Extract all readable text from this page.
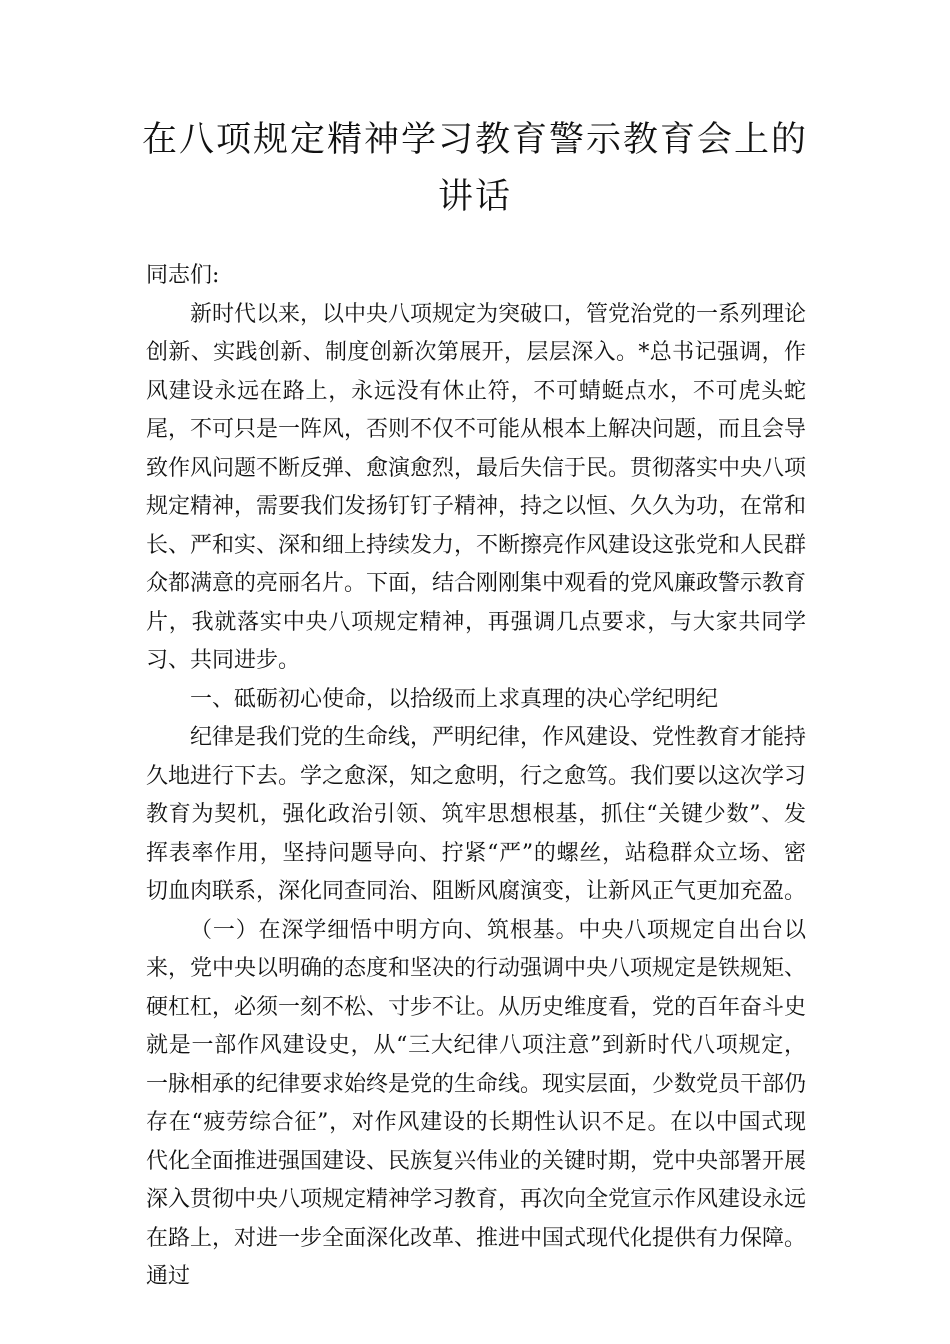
在八项规定精神学习教育警示教育会上的
讲话

同志们:

新时代以来，以中央八项规定为突破口，管党治党的一系列理论创新、实践创新、制度创新次第展开，层层深入。*总书记强调，作风建设永远在路上，永远没有休止符，不可蜻蜓点水，不可虎头蛇尾，不可只是一阵风，否则不仅不可能从根本上解决问题，而且会导致作风问题不断反弹、愈演愈烈，最后失信于民。贯彻落实中央八项规定精神，需要我们发扬钉钉子精神，持之以恒、久久为功，在常和长、严和实、深和细上持续发力，不断擦亮作风建设这张党和人民群众都满意的亮丽名片。下面，结合刚刚集中观看的党风廉政警示教育片，我就落实中央八项规定精神，再强调几点要求，与大家共同学习、共同进步。

一、砥砺初心使命，以拾级而上求真理的决心学纪明纪

纪律是我们党的生命线，严明纪律，作风建设、党性教育才能持久地进行下去。学之愈深，知之愈明，行之愈笃。我们要以这次学习教育为契机，强化政治引领、筑牢思想根基，抓住“关键少数”、发挥表率作用，坚持问题导向、拧紧“严”的螺丝，站稳群众立场、密切血肉联系，深化同查同治、阻断风腐演变，让新风正气更加充盈。

（一）在深学细悟中明方向、筑根基。中央八项规定自出台以来，党中央以明确的态度和坚决的行动强调中央八项规定是铁规矩、硬杠杠，必须一刻不松、寸步不让。从历史维度看，党的百年奋斗史就是一部作风建设史，从“三大纪律八项注意”到新时代八项规定，一脉相承的纪律要求始终是党的生命线。现实层面，少数党员干部仍存在“疲劳综合征”，对作风建设的长期性认识不足。在以中国式现代化全面推进强国建设、民族复兴伟业的关键时期，党中央部署开展深入贯彻中央八项规定精神学习教育，再次向全党宣示作风建设永远在路上，对进一步全面深化改革、推进中国式现代化提供有力保障。通过
